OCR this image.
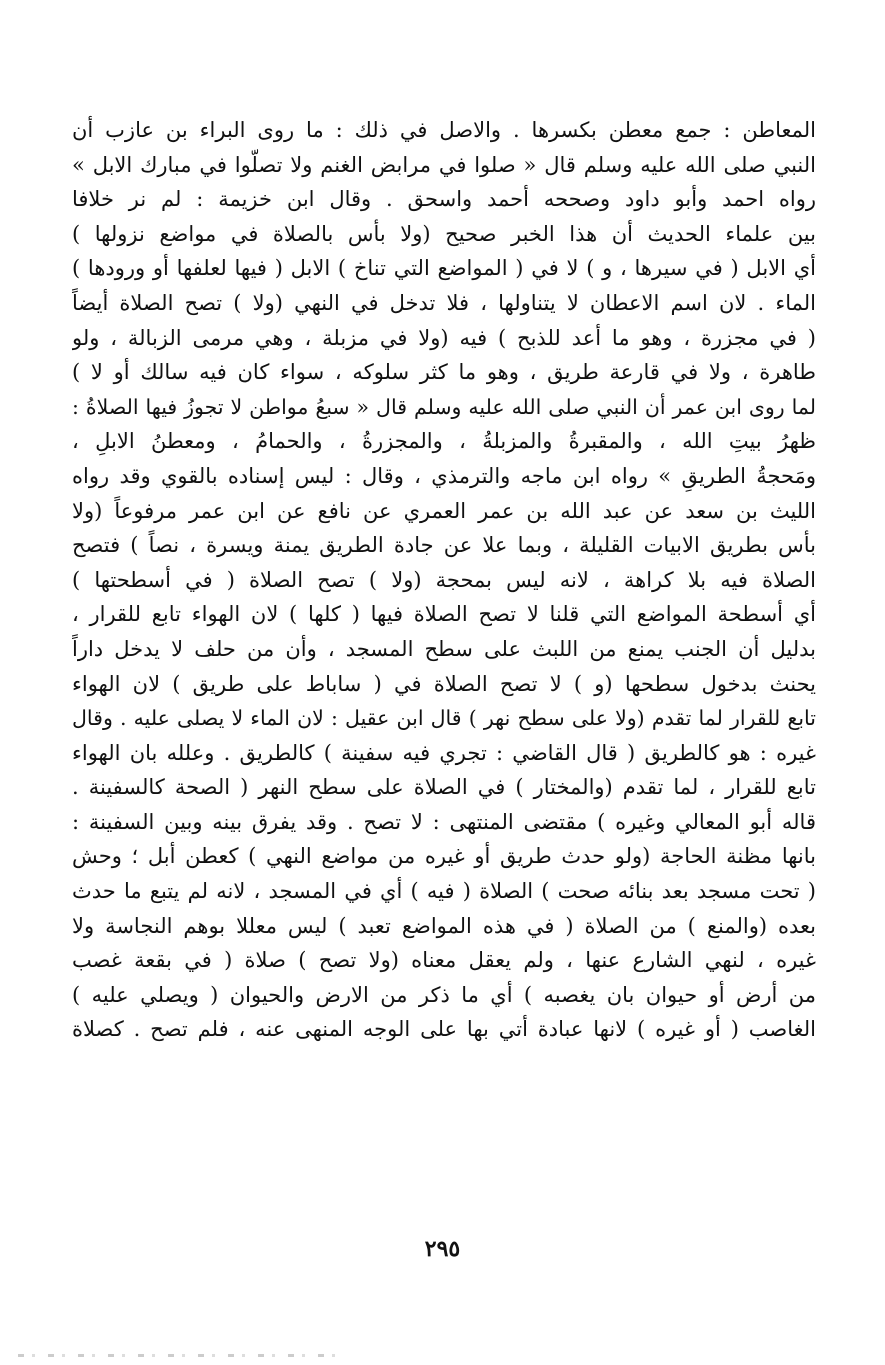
المعاطن : جمع معطن بكسرها . والاصل في ذلك : ما روى البراء بن عازب أن
النبي صلى الله عليه وسلم قال « صلوا في مرابض الغنم ولا تصلّوا في مبارك الابل »
رواه احمد وأبو داود وصححه أحمد واسحق . وقال ابن خزيمة : لم نر خلافا
بين علماء الحديث أن هذا الخبر صحيح (ولا بأس بالصلاة في مواضع نزولها )
أي الابل ( في سيرها ، و ) لا في ( المواضع التي تناخ ) الابل ( فيها لعلفها أو ورودها )
الماء . لان اسم الاعطان لا يتناولها ، فلا تدخل في النهي (ولا ) تصح الصلاة أيضاً
( في مجزرة ، وهو ما أعد للذبح ) فيه (ولا في مزبلة ، وهي مرمى الزبالة ، ولو
طاهرة ، ولا في قارعة طريق ، وهو ما كثر سلوكه ، سواء كان فيه سالك أو لا )
لما روى ابن عمر أن النبي صلى الله عليه وسلم قال « سبعُ مواطن لا تجوزُ فيها الصلاةُ :
ظهرُ بيتِ الله ، والمقبرةُ والمزبلةُ ، والمجزرةُ ، والحمامُ ، ومعطنُ الابلِ ،
ومَحجةُ الطريقِ » رواه ابن ماجه والترمذي ، وقال : ليس إسناده بالقوي وقد رواه
الليث بن سعد عن عبد الله بن عمر العمري عن نافع عن ابن عمر مرفوعاً (ولا
بأس بطريق الابيات القليلة ، وبما علا عن جادة الطريق يمنة ويسرة ، نصاً ) فتصح
الصلاة فيه بلا كراهة ، لانه ليس بمحجة (ولا ) تصح الصلاة ( في أسطحتها )
أي أسطحة المواضع التي قلنا لا تصح الصلاة فيها ( كلها ) لان الهواء تابع للقرار ،
بدليل أن الجنب يمنع من اللبث على سطح المسجد ، وأن من حلف لا يدخل داراً
يحنث بدخول سطحها (و ) لا تصح الصلاة في ( ساباط على طريق ) لان الهواء
تابع للقرار لما تقدم (ولا على سطح نهر ) قال ابن عقيل : لان الماء لا يصلى عليه . وقال
غيره : هو كالطريق ( قال القاضي : تجري فيه سفينة ) كالطريق . وعلله بان الهواء
تابع للقرار ، لما تقدم (والمختار ) في الصلاة على سطح النهر ( الصحة كالسفينة .
قاله أبو المعالي وغيره ) مقتضى المنتهى : لا تصح . وقد يفرق بينه وبين السفينة :
بانها مظنة الحاجة (ولو حدث طريق أو غيره من مواضع النهي ) كعطن أبل ؛ وحش
( تحت مسجد بعد بنائه صحت ) الصلاة ( فيه ) أي في المسجد ، لانه لم يتبع ما حدث
بعده (والمنع ) من الصلاة ( في هذه المواضع تعبد ) ليس معللا بوهم النجاسة ولا
غيره ، لنهي الشارع عنها ، ولم يعقل معناه (ولا تصح ) صلاة ( في بقعة غصب
من أرض أو حيوان بان يغصبه ) أي ما ذكر من الارض والحيوان ( ويصلي عليه )
الغاصب ( أو غيره ) لانها عبادة أتي بها على الوجه المنهى عنه ، فلم تصح . كصلاة
٢٩٥
